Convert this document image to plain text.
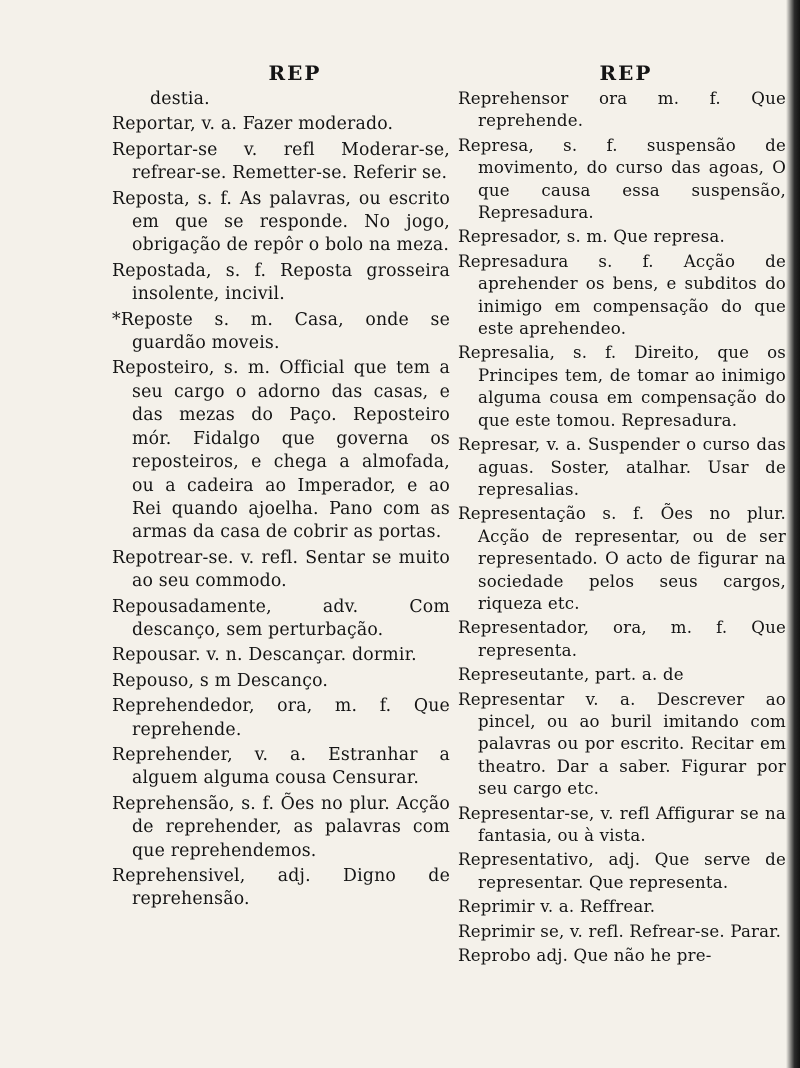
REP

destia.

Reportar, v. a. Fazer moderado.

Reportar-se v. refl Moderar-se, refrear-se. Remetter-se. Referir se.

Reposta, s. f. As palavras, ou escrito em que se responde. No jogo, obrigação de repôr o bolo na meza.

Repostada, s. f. Reposta grosseira insolente, incivil.

*Reposte s. m. Casa, onde se guardão moveis.

Reposteiro, s. m. Official que tem a seu cargo o adorno das casas, e das mezas do Paço. Reposteiro mór. Fidalgo que governa os reposteiros, e chega a almofada, ou a cadeira ao Imperador, e ao Rei quando ajoelha. Pano com as armas da casa de cobrir as portas.

Repotrear-se. v. refl. Sentar se muito ao seu commodo.

Repousadamente, adv. Com descanço, sem perturbação.

Repousar. v. n. Descançar. dormir.

Repouso, s m Descanço.

Reprehendedor, ora, m. f. Que reprehende.

Reprehender, v. a. Estranhar a alguem alguma cousa Censurar.

Reprehensão, s. f. Ões no plur. Acção de reprehender, as palavras com que reprehendemos.

Reprehensivel, adj. Digno de reprehensão.

REP

Reprehensor ora m. f. Que reprehende.

Represa, s. f. suspensão de movimento, do curso das agoas, O que causa essa suspensão, Represadura.

Represador, s. m. Que represa.

Represadura s. f. Acção de aprehender os bens, e subditos do inimigo em compensação do que este aprehendeo.

Represalia, s. f. Direito, que os Principes tem, de tomar ao inimigo alguma cousa em compensação do que este tomou. Represadura.

Represar, v. a. Suspender o curso das aguas. Soster, atalhar. Usar de represalias.

Representação s. f. Ões no plur. Acção de representar, ou de ser representado. O acto de figurar na sociedade pelos seus cargos, riqueza etc.

Representador, ora, m. f. Que representa.

Represeutante, part. a. de

Representar v. a. Descrever ao pincel, ou ao buril imitando com palavras ou por escrito. Recitar em theatro. Dar a saber. Figurar por seu cargo etc.

Representar-se, v. refl Affigurar se na fantasia, ou à vista.

Representativo, adj. Que serve de representar. Que representa.

Reprimir v. a. Reffrear.

Reprimir se, v. refl. Refrear-se. Parar.

Reprobo adj. Que não he pre-
